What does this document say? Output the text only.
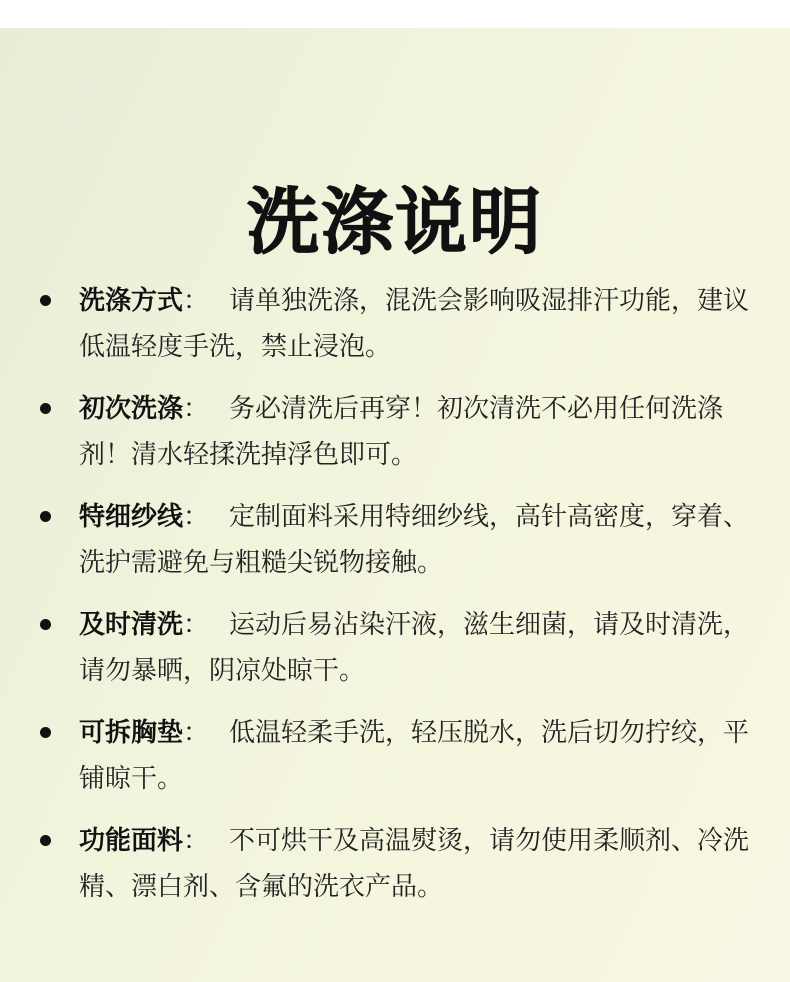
洗涤说明
洗涤方式： 请单独洗涤，混洗会影响吸湿排汗功能，建议低温轻度手洗，禁止浸泡。
初次洗涤： 务必清洗后再穿！初次清洗不必用任何洗涤剂！清水轻揉洗掉浮色即可。
特细纱线： 定制面料采用特细纱线，高针高密度，穿着、洗护需避免与粗糙尖锐物接触。
及时清洗： 运动后易沾染汗液，滋生细菌，请及时清洗，请勿暴晒，阴凉处晾干。
可拆胸垫： 低温轻柔手洗，轻压脱水，洗后切勿拧绞，平铺晾干。
功能面料： 不可烘干及高温熨烫，请勿使用柔顺剂、冷洗精、漂白剂、含氟的洗衣产品。
